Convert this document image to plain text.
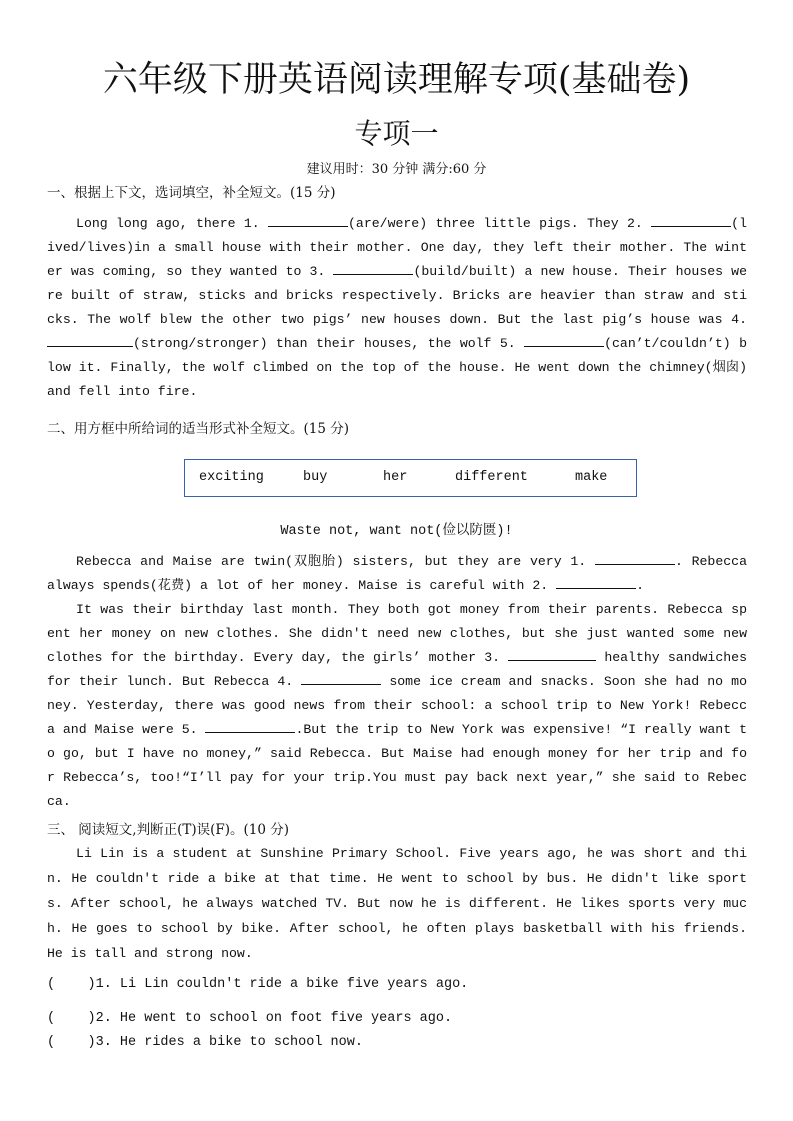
六年级下册英语阅读理解专项(基础卷)
专项一
建议用时：30 分钟 满分:60 分
一、根据上下文，选词填空，补全短文。(15 分)

Long long ago, there 1.	(are/were) three little pigs. They 2.	(lived/lives)in a small house with their mother. One day, they left their mother. The winter was coming, so they wanted to 3.	(build/built) a new house. Their houses were built of straw, sticks and bricks respectively. Bricks are heavier than straw and sticks. The wolf blew the other two pigs’ new houses down. But the last pig’s house was 4. (strong/stronger) than their houses, the wolf 5.	(can’t/couldn’t) blow it. Finally, the wolf climbed on the top of the house. He went down the chimney(烟囱) and fell into fire.

二、用方框中所给词的适当形式补全短文。(15 分)
exciting	buy	her	different	make
Waste not, want not(俭以防匮)!

Rebecca and Maise are twin(双胞胎) sisters, but they are very 1.	. Rebecca always spends(花费) a lot of her money. Maise is careful with 2.	.

It was their birthday last month. They both got money from their parents. Rebecca spent her money on new clothes. She didn't need new clothes, but she just wanted some new clothes for the birthday. Every day, the girls’ mother 3.	healthy sandwiches for their lunch. But Rebecca 4.	some ice cream and snacks. Soon she had no money. Yesterday, there was good news from their school: a school trip to New York! Rebecca and Maise were 5.	.But the trip to New York was expensive! “I really want to go, but I have no money,” said Rebecca. But Maise had enough money for her trip and for Rebecca’s, too!“I’ll pay for your trip.You must pay back next year,” she said to Rebecca.

三、 阅读短文,判断正(T)误(F)。(10 分)

Li Lin is a student at Sunshine Primary School. Five years ago, he was short and thin. He couldn't ride a bike at that time. He went to school by bus. He didn't like sports. After school, he always watched TV. But now he is different. He likes sports very much. He goes to school by bike. After school, he often plays basketball with his friends. He is tall and strong now.

(    )1. Li Lin couldn't ride a bike five years ago.
(    )2. He went to school on foot five years ago.
(    )3. He rides a bike to school now.
